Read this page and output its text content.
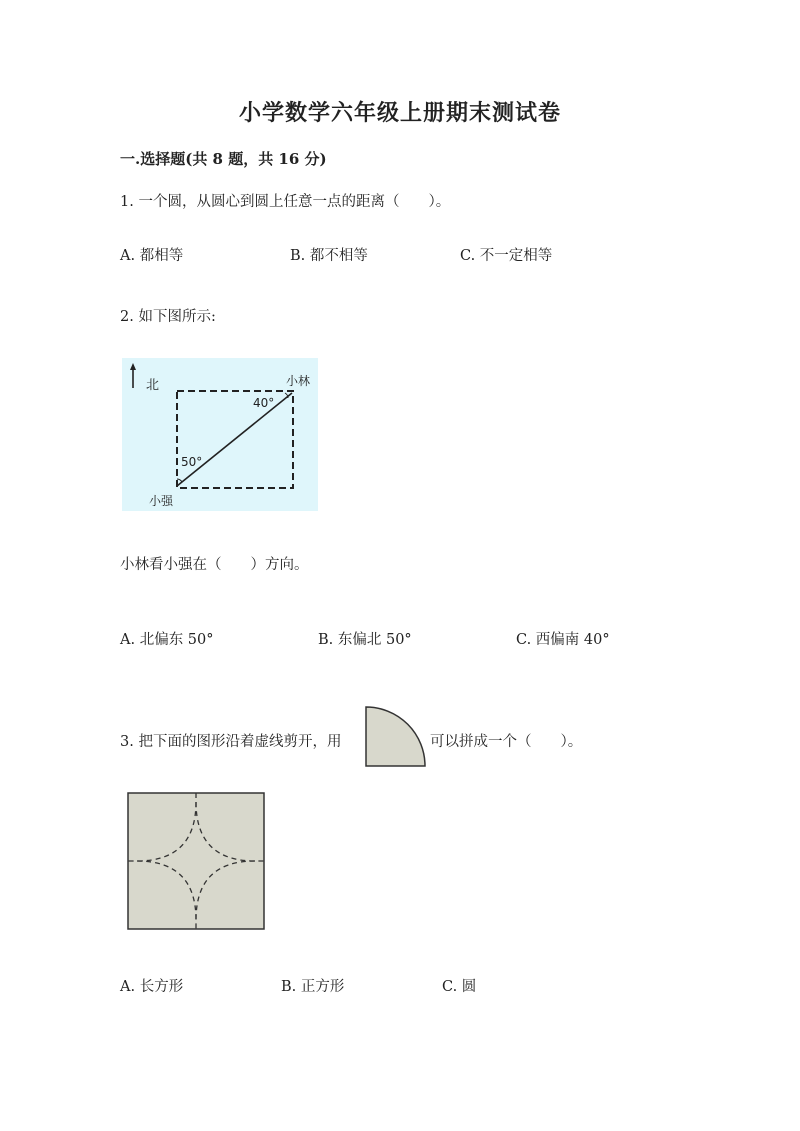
小学数学六年级上册期末测试卷
一.选择题(共 8 题，共 16 分)
1. 一个圆，从圆心到圆上任意一点的距离（　　）。
A. 都相等	B. 都不相等	C. 不一定相等
2. 如下图所示:
北	小林
40°
50°
小强
小林看小强在（　　）方向。
A. 北偏东 50°	B. 东偏北 50°	C. 西偏南 40°
3. 把下面的图形沿着虚线剪开，用	可以拼成一个（　　）。
A. 长方形	B. 正方形	C. 圆
